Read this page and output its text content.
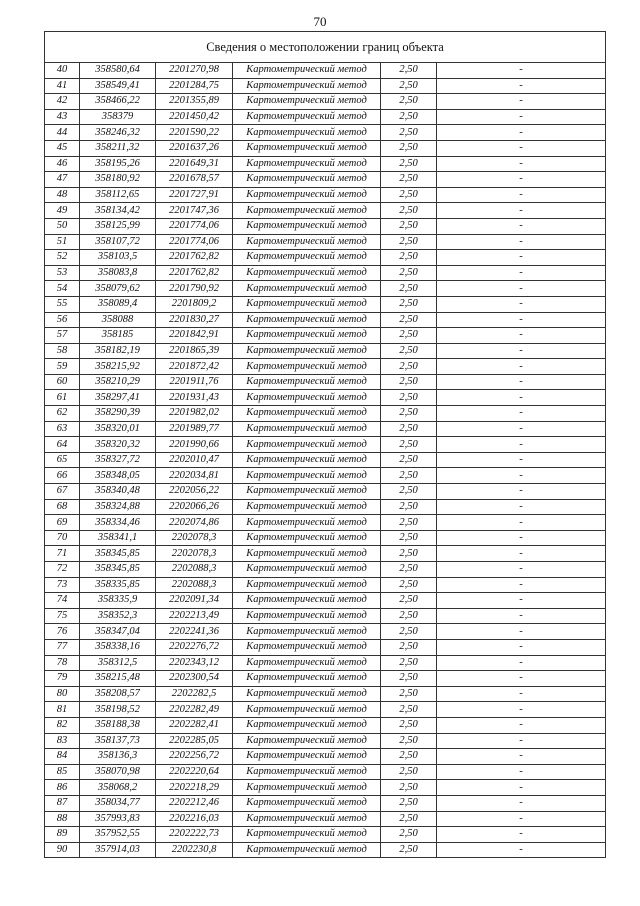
70
Сведения о местоположении границ объекта					
40	358580,64	2201270,98	Картометрический метод	2,50	-
41	358549,41	2201284,75	Картометрический метод	2,50	-
42	358466,22	2201355,89	Картометрический метод	2,50	-
43	358379	2201450,42	Картометрический метод	2,50	-
44	358246,32	2201590,22	Картометрический метод	2,50	-
45	358211,32	2201637,26	Картометрический метод	2,50	-
46	358195,26	2201649,31	Картометрический метод	2,50	-
47	358180,92	2201678,57	Картометрический метод	2,50	-
48	358112,65	2201727,91	Картометрический метод	2,50	-
49	358134,42	2201747,36	Картометрический метод	2,50	-
50	358125,99	2201774,06	Картометрический метод	2,50	-
51	358107,72	2201774,06	Картометрический метод	2,50	-
52	358103,5	2201762,82	Картометрический метод	2,50	-
53	358083,8	2201762,82	Картометрический метод	2,50	-
54	358079,62	2201790,92	Картометрический метод	2,50	-
55	358089,4	2201809,2	Картометрический метод	2,50	-
56	358088	2201830,27	Картометрический метод	2,50	-
57	358185	2201842,91	Картометрический метод	2,50	-
58	358182,19	2201865,39	Картометрический метод	2,50	-
59	358215,92	2201872,42	Картометрический метод	2,50	-
60	358210,29	2201911,76	Картометрический метод	2,50	-
61	358297,41	2201931,43	Картометрический метод	2,50	-
62	358290,39	2201982,02	Картометрический метод	2,50	-
63	358320,01	2201989,77	Картометрический метод	2,50	-
64	358320,32	2201990,66	Картометрический метод	2,50	-
65	358327,72	2202010,47	Картометрический метод	2,50	-
66	358348,05	2202034,81	Картометрический метод	2,50	-
67	358340,48	2202056,22	Картометрический метод	2,50	-
68	358324,88	2202066,26	Картометрический метод	2,50	-
69	358334,46	2202074,86	Картометрический метод	2,50	-
70	358341,1	2202078,3	Картометрический метод	2,50	-
71	358345,85	2202078,3	Картометрический метод	2,50	-
72	358345,85	2202088,3	Картометрический метод	2,50	-
73	358335,85	2202088,3	Картометрический метод	2,50	-
74	358335,9	2202091,34	Картометрический метод	2,50	-
75	358352,3	2202213,49	Картометрический метод	2,50	-
76	358347,04	2202241,36	Картометрический метод	2,50	-
77	358338,16	2202276,72	Картометрический метод	2,50	-
78	358312,5	2202343,12	Картометрический метод	2,50	-
79	358215,48	2202300,54	Картометрический метод	2,50	-
80	358208,57	2202282,5	Картометрический метод	2,50	-
81	358198,52	2202282,49	Картометрический метод	2,50	-
82	358188,38	2202282,41	Картометрический метод	2,50	-
83	358137,73	2202285,05	Картометрический метод	2,50	-
84	358136,3	2202256,72	Картометрический метод	2,50	-
85	358070,98	2202220,64	Картометрический метод	2,50	-
86	358068,2	2202218,29	Картометрический метод	2,50	-
87	358034,77	2202212,46	Картометрический метод	2,50	-
88	357993,83	2202216,03	Картометрический метод	2,50	-
89	357952,55	2202222,73	Картометрический метод	2,50	-
90	357914,03	2202230,8	Картометрический метод	2,50	-
